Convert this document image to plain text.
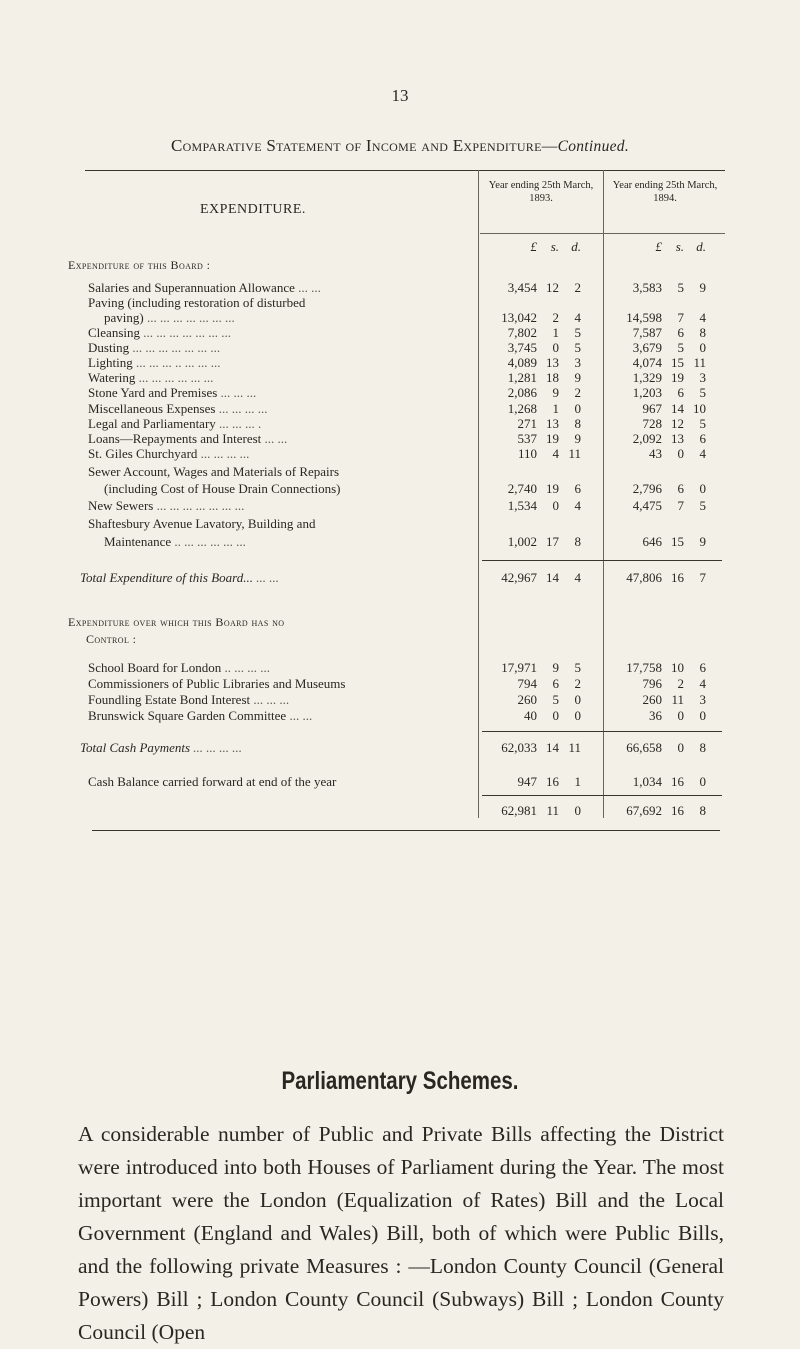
13
Comparative Statement of Income and Expenditure—Continued.
EXPENDITURE.
Year ending 25th March, 1893.
Year ending 25th March, 1894.
£ s. d.	£ s. d.
Expenditure of this Board :
Salaries and Superannuation Allowance ... ...	3,454 12 2	3,583 5 9
Paving (including restoration of disturbed
paving) ... ... ... ... ... ... ...	13,042 2 4	14,598 7 4
Cleansing ... ... ... ... ... ... ...	7,802 1 5	7,587 6 8
Dusting ... ... ... ... ... ... ...	3,745 0 5	3,679 5 0
Lighting ... ... ... .. ... ... ...	4,089 13 3	4,074 15 11
Watering ... ... ... ... ... ...	1,281 18 9	1,329 19 3
Stone Yard and Premises ... ... ...	2,086 9 2	1,203 6 5
Miscellaneous Expenses ... ... ... ...	1,268 1 0	967 14 10
Legal and Parliamentary ... ... ... .	271 13 8	728 12 5
Loans—Repayments and Interest ... ...	537 19 9	2,092 13 6
St. Giles Churchyard ... ... ... ...	110 4 11	43 0 4
Sewer Account, Wages and Materials of Repairs
(including Cost of House Drain Connections)	2,740 19 6	2,796 6 0
New Sewers ... ... ... ... ... ... ...	1,534 0 4	4,475 7 5
Shaftesbury Avenue Lavatory, Building and
Maintenance .. ... ... ... ... ...	1,002 17 8	646 15 9
Total Expenditure of this Board... ... ...	42,967 14 4	47,806 16 7
Expenditure over which this Board has no
Control :
School Board for London .. ... ... ...	17,971 9 5	17,758 10 6
Commissioners of Public Libraries and Museums	794 6 2	796 2 4
Foundling Estate Bond Interest ... ... ...	260 5 0	260 11 3
Brunswick Square Garden Committee ... ...	40 0 0	36 0 0
Total Cash Payments ... ... ... ...	62,033 14 11	66,658 0 8
Cash Balance carried forward at end of the year	947 16 1	1,034 16 0
62,981 11 0	67,692 16 8
Parliamentary Schemes.
A considerable number of Public and Private Bills affecting the District were introduced into both Houses of Parliament during the Year. The most important were the London (Equalization of Rates) Bill and the Local Government (England and Wales) Bill, both of which were Public Bills, and the following private Measures : —London County Council (General Powers) Bill ; London County Council (Subways) Bill ; London County Council (Open
